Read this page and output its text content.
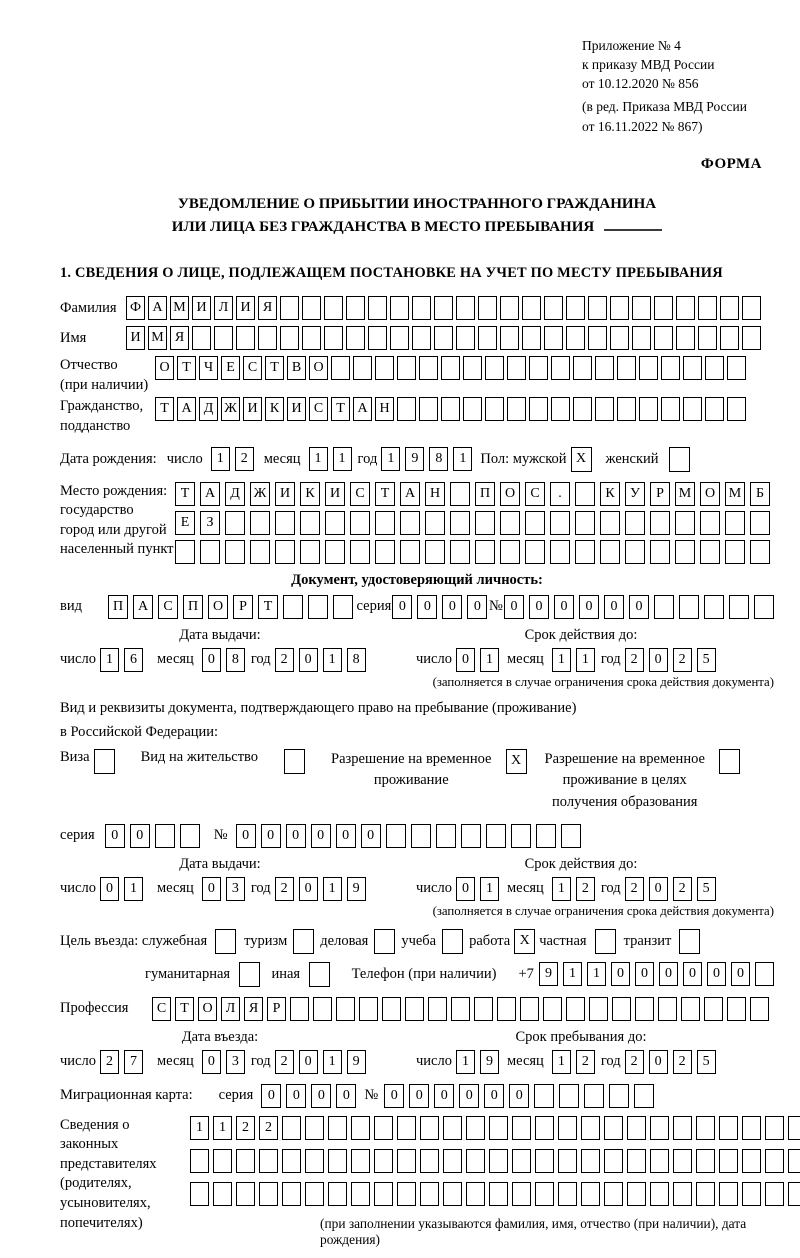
Приложение № 4
к приказу МВД России
от 10.12.2020 № 856
(в ред. Приказа МВД России
от 16.11.2022 № 867)
ФОРМА
УВЕДОМЛЕНИЕ О ПРИБЫТИИ ИНОСТРАННОГО ГРАЖДАНИНА
ИЛИ ЛИЦА БЕЗ ГРАЖДАНСТВА В МЕСТО ПРЕБЫВАНИЯ
1. СВЕДЕНИЯ О ЛИЦЕ, ПОДЛЕЖАЩЕМ ПОСТАНОВКЕ НА УЧЕТ ПО МЕСТУ ПРЕБЫВАНИЯ
Фамилия Ф А М И Л И Я
Имя	И М Я
Отчество
(при наличии)
О Т Ч Е С Т В О
Гражданство,
подданство
Т А Д Ж И К И С Т А Н
Дата рождения: число	1	2	месяц	1	1 год 1	9	8	1 Пол: мужской X	женский
Место рождения:
государство
город или другой
населенный пункт
Т	А	Д Ж И	К	И	С	Т	А	Н	П	О	С	.	К	У	Р	М О М	Б
Е	З
Документ, удостоверяющий личность:
вид	П	А	С	П	О	Р	Т	серия 0	0	0	0 № 0	0	0	0	0	0
Дата выдачи:
число 1	6	месяц	0	8 год 2	0	1	8
Срок действия до:
число 0	1 месяц	1	1 год 2	0	2	5
(заполняется в случае ограничения срока действия документа)
Вид и реквизиты документа, подтверждающего право на пребывание (проживание)
в Российской Федерации:
Виза	Вид на жительство	Разрешение на временное
проживание
X	Разрешение на временное
проживание в целях
получения образования
серия	0	0	№	0	0	0	0	0	0
Дата выдачи:
число 0	1	месяц	0	3 год 2	0	1	9
Срок действия до:
число 0	1 месяц	1	2 год 2	0	2	5
(заполняется в случае ограничения срока действия документа)
Цель въезда: служебная	туризм деловая учеба работа X частная	транзит
гуманитарная	иная	Телефон (при наличии) +7 9	1	1	0	0	0	0	0	0
Профессия	С	Т О Л Я	Р
Дата въезда:
число 2	7	месяц	0	3 год 2	0	1	9
Срок пребывания до:
число 1	9 месяц	1	2 год 2	0	2	5
Миграционная карта: серия	0	0	0	0	№ 0	0	0	0	0	0
Сведения о
законных
представителях
(родителях,
усыновителях,
попечителях)
1	1	2	2
(при заполнении указываются фамилия, имя, отчество (при наличии), дата рождения)
